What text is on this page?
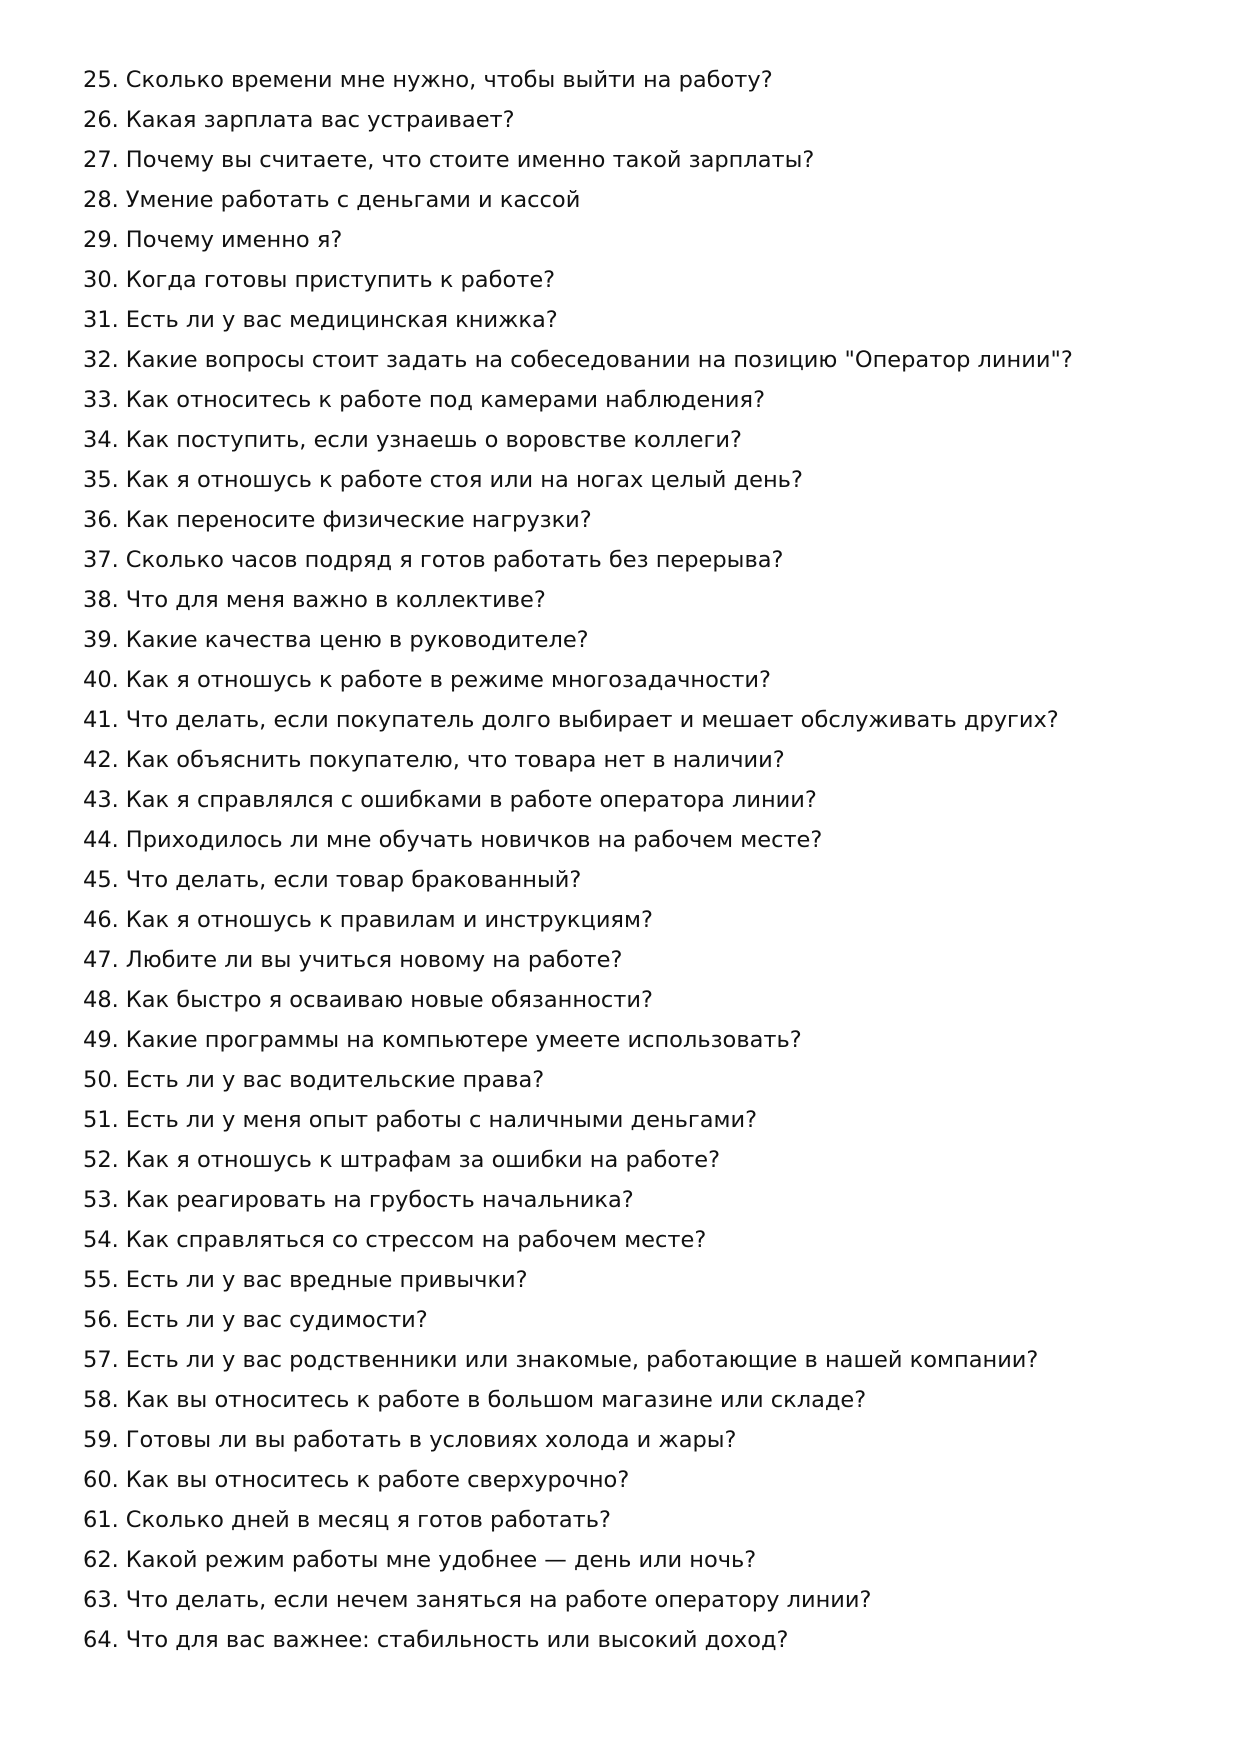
25. Сколько времени мне нужно, чтобы выйти на работу?
26. Какая зарплата вас устраивает?
27. Почему вы считаете, что стоите именно такой зарплаты?
28. Умение работать с деньгами и кассой
29. Почему именно я?
30. Когда готовы приступить к работе?
31. Есть ли у вас медицинская книжка?
32. Какие вопросы стоит задать на собеседовании на позицию "Оператор линии"?
33. Как относитесь к работе под камерами наблюдения?
34. Как поступить, если узнаешь о воровстве коллеги?
35. Как я отношусь к работе стоя или на ногах целый день?
36. Как переносите физические нагрузки?
37. Сколько часов подряд я готов работать без перерыва?
38. Что для меня важно в коллективе?
39. Какие качества ценю в руководителе?
40. Как я отношусь к работе в режиме многозадачности?
41. Что делать, если покупатель долго выбирает и мешает обслуживать других?
42. Как объяснить покупателю, что товара нет в наличии?
43. Как я справлялся с ошибками в работе оператора линии?
44. Приходилось ли мне обучать новичков на рабочем месте?
45. Что делать, если товар бракованный?
46. Как я отношусь к правилам и инструкциям?
47. Любите ли вы учиться новому на работе?
48. Как быстро я осваиваю новые обязанности?
49. Какие программы на компьютере умеете использовать?
50. Есть ли у вас водительские права?
51. Есть ли у меня опыт работы с наличными деньгами?
52. Как я отношусь к штрафам за ошибки на работе?
53. Как реагировать на грубость начальника?
54. Как справляться со стрессом на рабочем месте?
55. Есть ли у вас вредные привычки?
56. Есть ли у вас судимости?
57. Есть ли у вас родственники или знакомые, работающие в нашей компании?
58. Как вы относитесь к работе в большом магазине или складе?
59. Готовы ли вы работать в условиях холода и жары?
60. Как вы относитесь к работе сверхурочно?
61. Сколько дней в месяц я готов работать?
62. Какой режим работы мне удобнее — день или ночь?
63. Что делать, если нечем заняться на работе оператору линии?
64. Что для вас важнее: стабильность или высокий доход?
